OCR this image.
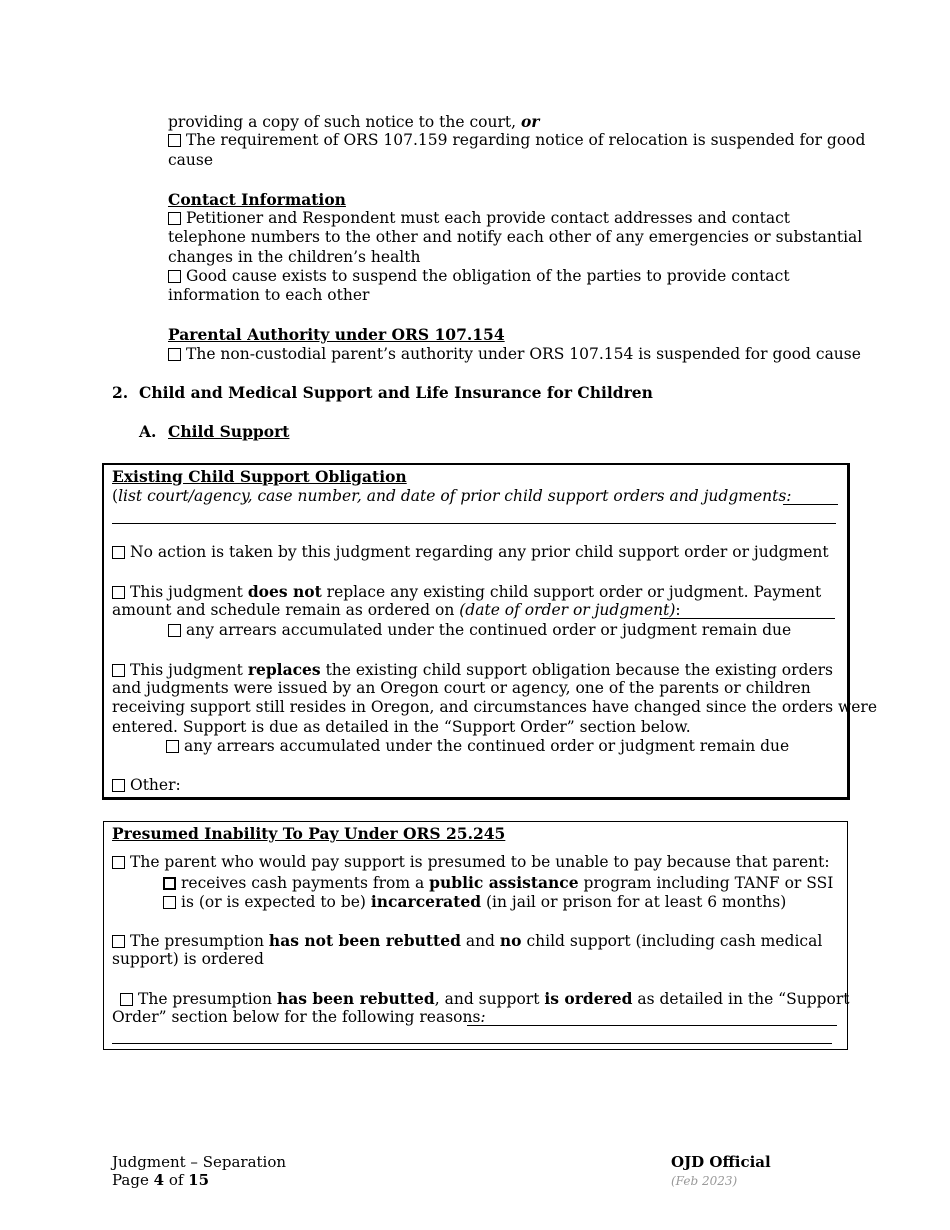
providing a copy of such notice to the court, or
The requirement of ORS 107.159 regarding notice of relocation is suspended for good
cause
Contact Information
Petitioner and Respondent must each provide contact addresses and contact
telephone numbers to the other and notify each other of any emergencies or substantial
changes in the children’s health
Good cause exists to suspend the obligation of the parties to provide contact
information to each other
Parental Authority under ORS 107.154
The non-custodial parent’s authority under ORS 107.154 is suspended for good cause
2. Child and Medical Support and Life Insurance for Children
A. Child Support
Existing Child Support Obligation
(list court/agency, case number, and date of prior child support orders and judgments:
No action is taken by this judgment regarding any prior child support order or judgment
This judgment does not replace any existing child support order or judgment. Payment
amount and schedule remain as ordered on (date of order or judgment):
any arrears accumulated under the continued order or judgment remain due
This judgment replaces the existing child support obligation because the existing orders
and judgments were issued by an Oregon court or agency, one of the parents or children
receiving support still resides in Oregon, and circumstances have changed since the orders were
entered. Support is due as detailed in the “Support Order” section below.
any arrears accumulated under the continued order or judgment remain due
Other:
Presumed Inability To Pay Under ORS 25.245
The parent who would pay support is presumed to be unable to pay because that parent:
receives cash payments from a public assistance program including TANF or SSI
is (or is expected to be) incarcerated (in jail or prison for at least 6 months)
The presumption has not been rebutted and no child support (including cash medical
support) is ordered
The presumption has been rebutted, and support is ordered as detailed in the “Support
Order” section below for the following reasons:
Judgment – Separation
Page 4 of 15
OJD Official
(Feb 2023)
